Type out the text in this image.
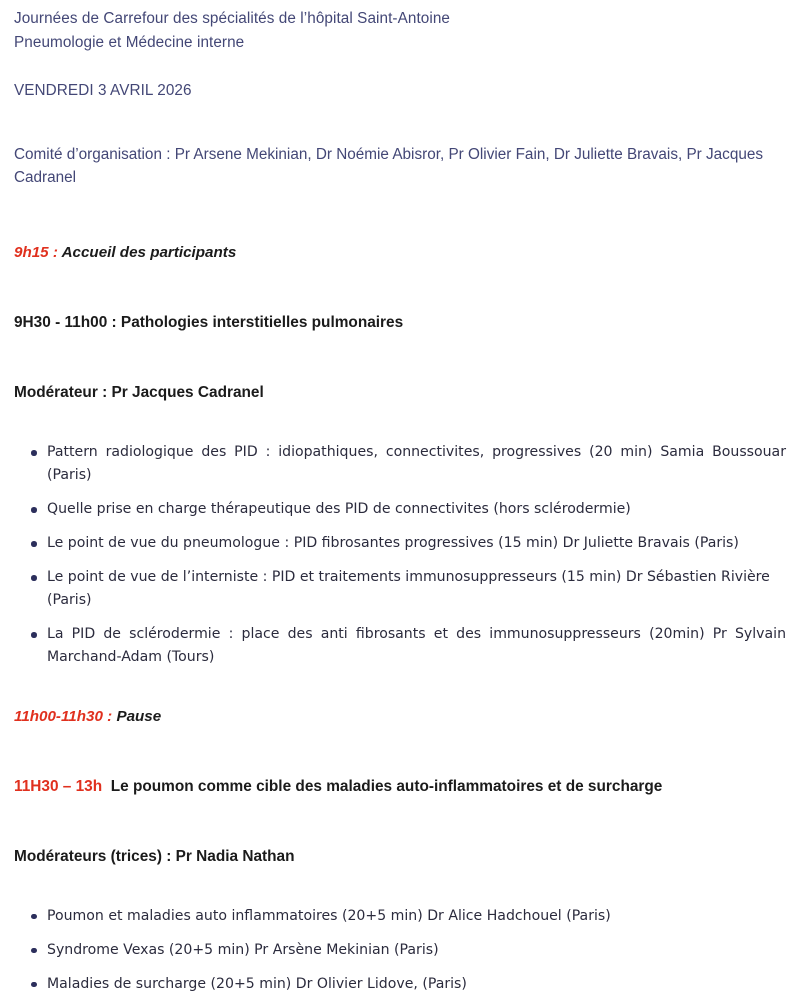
Journées de Carrefour des spécialités de l’hôpital Saint-Antoine

Pneumologie et Médecine interne

VENDREDI 3 AVRIL 2026

Comité d’organisation : Pr Arsene Mekinian, Dr Noémie Abisror, Pr Olivier Fain, Dr Juliette Bravais, Pr Jacques Cadranel

9h15 : Accueil des participants

9H30 - 11h00 : Pathologies interstitielles pulmonaires

Modérateur : Pr Jacques Cadranel

Pattern radiologique des PID : idiopathiques, connectivites, progressives (20 min) Samia Boussouar (Paris)
Quelle prise en charge thérapeutique des PID de connectivites (hors sclérodermie)
Le point de vue du pneumologue : PID fibrosantes progressives (15 min) Dr Juliette Bravais (Paris)
Le point de vue de l’interniste : PID et traitements immunosuppresseurs (15 min) Dr Sébastien Rivière (Paris)
La PID de sclérodermie : place des anti fibrosants et des immunosuppresseurs (20min) Pr Sylvain Marchand-Adam (Tours)

11h00-11h30 : Pause

11H30 – 13h Le poumon comme cible des maladies auto-inflammatoires et de surcharge

Modérateurs (trices) : Pr Nadia Nathan

Poumon et maladies auto inflammatoires (20+5 min) Dr Alice Hadchouel (Paris)
Syndrome Vexas (20+5 min) Pr Arsène Mekinian (Paris)
Maladies de surcharge (20+5 min) Dr Olivier Lidove, (Paris)
